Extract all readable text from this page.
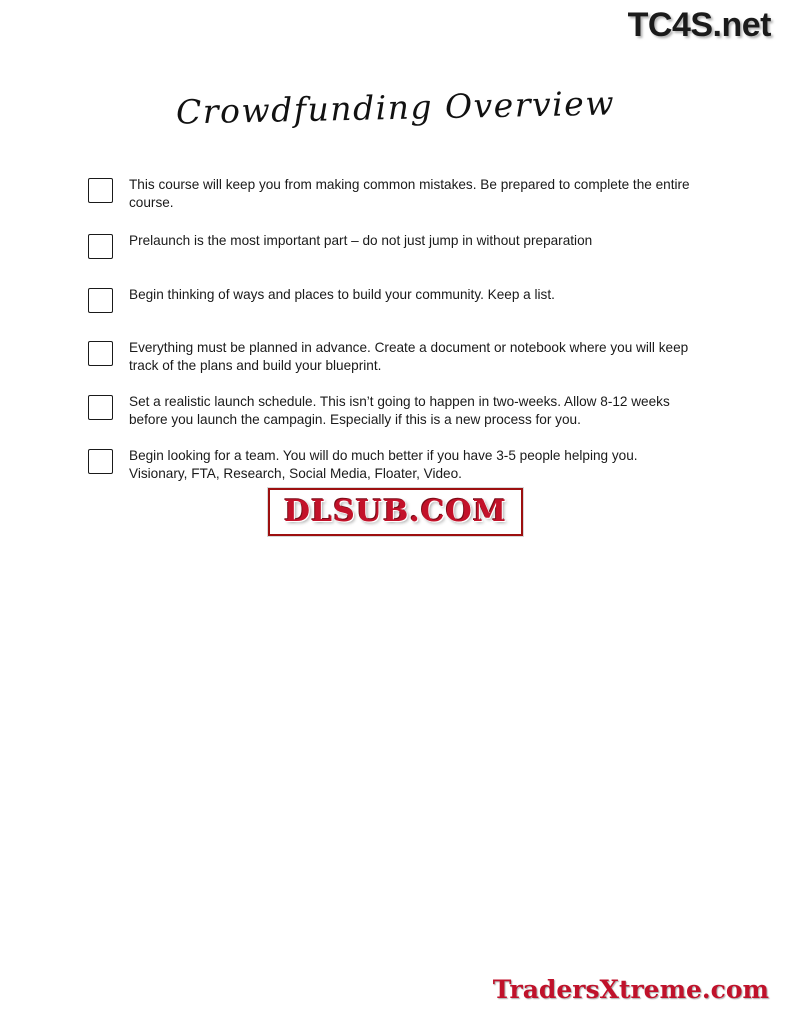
TC4S.net
Crowdfunding Overview
This course will keep you from making common mistakes. Be prepared to complete the entire course.
Prelaunch is the most important part – do not just jump in without preparation
Begin thinking of ways and places to build your community. Keep a list.
Everything must be planned in advance. Create a document or notebook where you will keep track of the plans and build your blueprint.
Set a realistic launch schedule. This isn’t going to happen in two-weeks. Allow 8-12 weeks before you launch the campagin. Especially if this is a new process for you.
Begin looking for a team. You will do much better if you have 3-5 people helping you. Visionary, FTA, Research, Social Media, Floater, Video.
DLSUB.COM
TradersXtreme.com
